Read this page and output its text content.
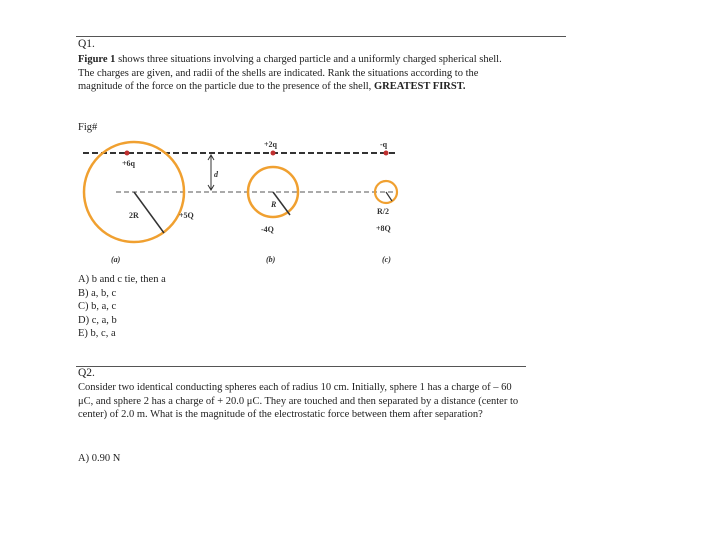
Q1.

Figure 1 shows three situations involving a charged particle and a uniformly charged spherical shell. The charges are given, and radii of the shells are indicated. Rank the situations according to the magnitude of the force on the particle due to the presence of the shell, GREATEST FIRST.

Fig#
+6q
+2q	-q
d
2R	+5Q
R
-4Q
R/2
+8Q
(a)	(b)	(c)
A) b and c tie, then a
B) a, b, c
C) b, a, c
D) c, a, b
E) b, c, a
Q2.

Consider two identical conducting spheres each of radius 10 cm. Initially, sphere 1 has a charge of – 60 μC, and sphere 2 has a charge of + 20.0 μC. They are touched and then separated by a distance (center to center) of 2.0 m. What is the magnitude of the electrostatic force between them after separation?

A) 0.90 N
